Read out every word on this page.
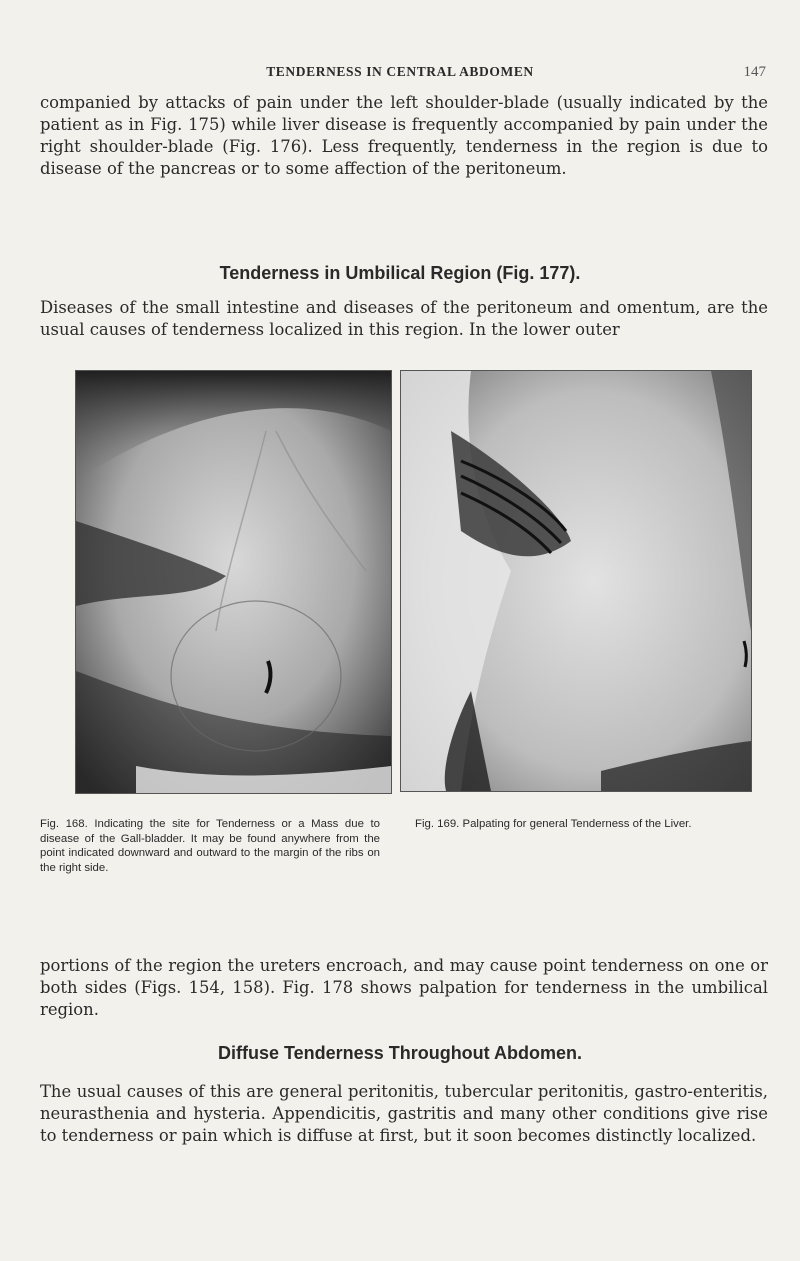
TENDERNESS IN CENTRAL ABDOMEN	147

companied by attacks of pain under the left shoulder-blade (usually indicated by the patient as in Fig. 175) while liver disease is frequently accompanied by pain under the right shoulder-blade (Fig. 176). Less frequently, tenderness in the region is due to disease of the pancreas or to some affection of the peritoneum.

Tenderness in Umbilical Region (Fig. 177).

Diseases of the small intestine and diseases of the peritoneum and omentum, are the usual causes of tenderness localized in this region. In the lower outer

Fig. 168. Indicating the site for Tenderness or a Mass due to disease of the Gall-bladder. It may be found anywhere from the point indicated downward and outward to the margin of the ribs on the right side.

Fig. 169. Palpating for general Tenderness of the Liver.

portions of the region the ureters encroach, and may cause point tenderness on one or both sides (Figs. 154, 158). Fig. 178 shows palpation for tenderness in the umbilical region.

Diffuse Tenderness Throughout Abdomen.

The usual causes of this are general peritonitis, tubercular peritonitis, gastro-enteritis, neurasthenia and hysteria. Appendicitis, gastritis and many other conditions give rise to tenderness or pain which is diffuse at first, but it soon becomes distinctly localized.
